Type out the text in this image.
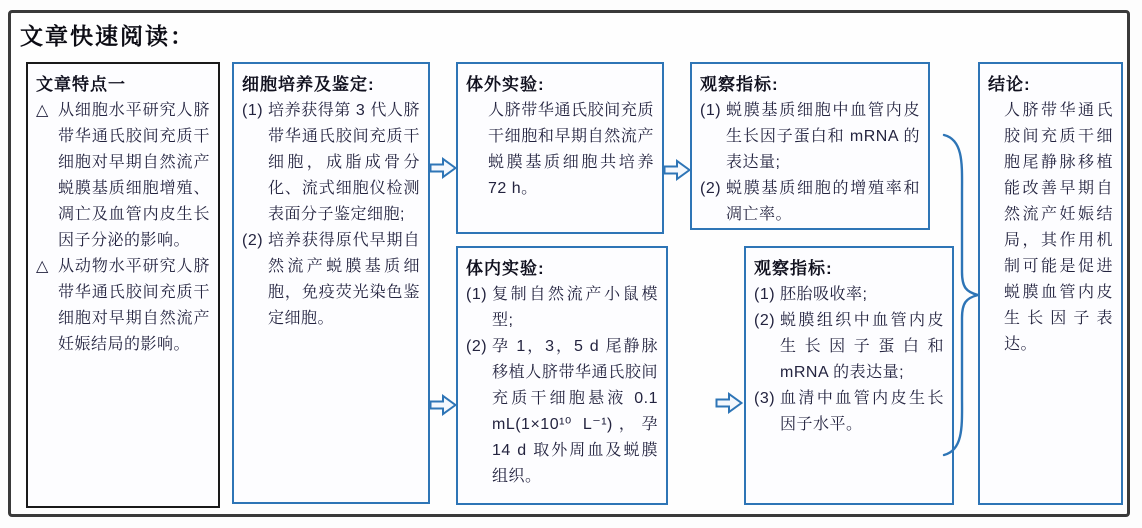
文章快速阅读：
文章特点一
△ 从细胞水平研究人脐带华通氏胶间充质干细胞对早期自然流产蜕膜基质细胞增殖、凋亡及血管内皮生长因子分泌的影响。
△ 从动物水平研究人脐带华通氏胶间充质干细胞对早期自然流产妊娠结局的影响。
细胞培养及鉴定:
(1) 培养获得第 3 代人脐带华通氏胶间充质干细胞，成脂成骨分化、流式细胞仪检测表面分子鉴定细胞;
(2) 培养获得原代早期自然流产蜕膜基质细胞，免疫荧光染色鉴定细胞。
体外实验:
人脐带华通氏胶间充质干细胞和早期自然流产蜕膜基质细胞共培养 72 h。
体内实验:
(1) 复制自然流产小鼠模型;
(2) 孕 1，3，5 d 尾静脉移植人脐带华通氏胶间充质干细胞悬液 0.1 mL(1×10¹⁰ L⁻¹)，孕 14 d 取外周血及蜕膜组织。
观察指标:
(1) 蜕膜基质细胞中血管内皮生长因子蛋白和 mRNA 的表达量;
(2) 蜕膜基质细胞的增殖率和凋亡率。
观察指标:
(1) 胚胎吸收率;
(2) 蜕膜组织中血管内皮生长因子蛋白和mRNA 的表达量;
(3) 血清中血管内皮生长因子水平。
结论:
人脐带华通氏胶间充质干细胞尾静脉移植能改善早期自然流产妊娠结局，其作用机制可能是促进蜕膜血管内皮生长因子表达。
